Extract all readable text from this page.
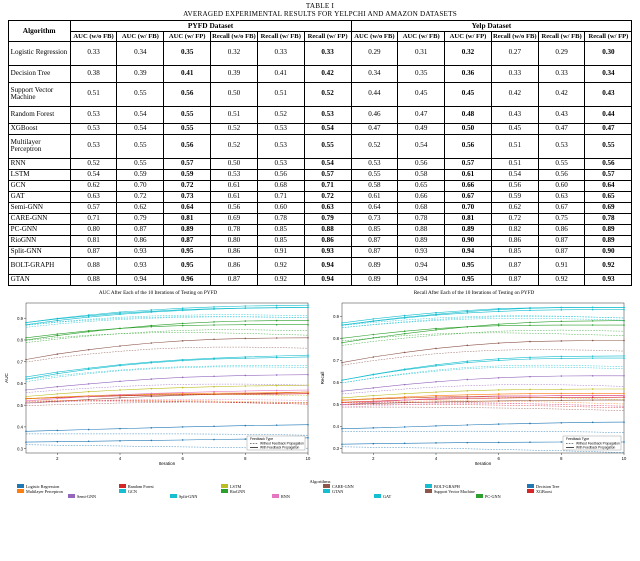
TABLE I
AVERAGED EXPERIMENTAL RESULTS FOR YELPCHI AND AMAZON DATASETS
Algorithm	PYFD Dataset						Yelp Dataset					
	AUC (w/o FB)	AUC (w/ FB)	AUC (w/ FP)	Recall (w/o FB)	Recall (w/ FB)	Recall (w/ FP)	AUC (w/o FB)	AUC (w/ FB)	AUC (w/ FP)	Recall (w/o FB)	Recall (w/ FB)	Recall (w/ FP)
Logistic Regression	0.33	0.34	0.35	0.32	0.33	0.33	0.29	0.31	0.32	0.27	0.29	0.30
Decision Tree	0.38	0.39	0.41	0.39	0.41	0.42	0.34	0.35	0.36	0.33	0.33	0.34
Support Vector Machine	0.51	0.55	0.56	0.50	0.51	0.52	0.44	0.45	0.45	0.42	0.42	0.43
Random Forest	0.53	0.54	0.55	0.51	0.52	0.53	0.46	0.47	0.48	0.43	0.43	0.44
XGBoost	0.53	0.54	0.55	0.52	0.53	0.54	0.47	0.49	0.50	0.45	0.47	0.47
Multilayer Perceptron	0.53	0.55	0.56	0.52	0.53	0.55	0.52	0.54	0.56	0.51	0.53	0.55
RNN	0.52	0.55	0.57	0.50	0.53	0.54	0.53	0.56	0.57	0.51	0.55	0.56
LSTM	0.54	0.59	0.59	0.53	0.56	0.57	0.55	0.58	0.61	0.54	0.56	0.57
GCN	0.62	0.70	0.72	0.61	0.68	0.71	0.58	0.65	0.66	0.56	0.60	0.64
GAT	0.63	0.72	0.73	0.61	0.71	0.72	0.61	0.66	0.67	0.59	0.63	0.65
Semi-GNN	0.57	0.62	0.64	0.56	0.60	0.63	0.64	0.68	0.70	0.62	0.67	0.69
CARE-GNN	0.71	0.79	0.81	0.69	0.78	0.79	0.73	0.78	0.81	0.72	0.75	0.78
PC-GNN	0.80	0.87	0.89	0.78	0.85	0.88	0.85	0.88	0.89	0.82	0.86	0.89
RioGNN	0.81	0.86	0.87	0.80	0.85	0.86	0.87	0.89	0.90	0.86	0.87	0.89
Split-GNN	0.87	0.93	0.95	0.86	0.91	0.93	0.87	0.93	0.94	0.85	0.87	0.90
BOLT-GRAPH	0.88	0.93	0.95	0.86	0.92	0.94	0.89	0.94	0.95	0.87	0.91	0.92
GTAN	0.88	0.94	0.96	0.87	0.92	0.94	0.89	0.94	0.95	0.87	0.92	0.93
AUC After Each of the 10 Iterations of Testing on PYFD
0.3
0.4
0.5
0.6
0.7
0.8
0.9
2	4	6	8	10
Iteration
AUC
Feedback Type
Without Feedback Propagation
With Feedback Propagation
Recall After Each of the 10 Iterations of Testing on PYFD
0.3
0.4
0.5
0.6
0.7
0.8
0.9
2	4	6	8	10
Iteration
Recall
Feedback Type
Without Feedback Propagation
With Feedback Propagation
Algorithms
Logistic Regression	Random Forest	LSTM	CARE-GNN	BOLT-GRAPH	Decision Tree
Multilayer Perceptron	GCN	RioGNN	GTAN	Support Vector Machine	XGBoost
Semi-GNN	Split-GNN	RNN	GAT	PC-GNN
